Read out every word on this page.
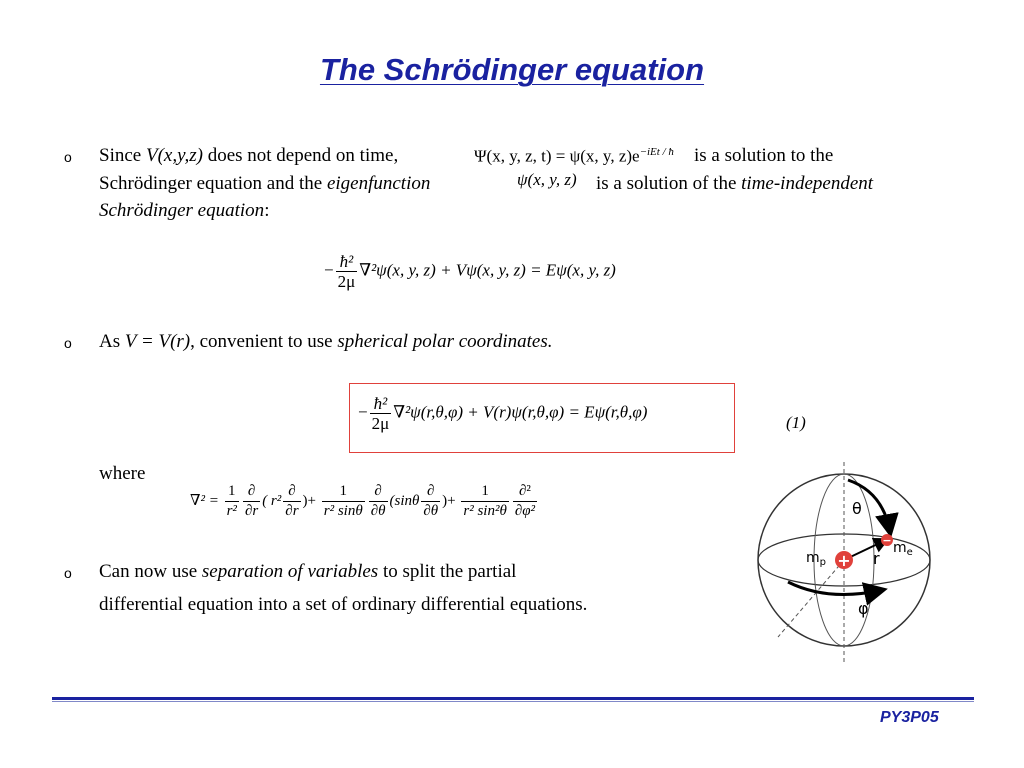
The Schrödinger equation
o Since V(x,y,z) does not depend on time,	Ψ(x, y, z, t) = ψ(x, y, $z)e^{-iEt / ħ}$ is a solution to the
Schrödinger equation and the eigenfunction	ψ(x, y, z) is a solution of the time-independent
Schrödinger equation:
− $\frac{\text{ħ²}}{2\mu} \nabla^2\psi(x$, y, z) + Vψ(x, y, z) = Eψ(x, y, z)
o As V = V(r), convenient to use spherical polar coordinates.
− $\frac{\text{ħ²}}{2\mu} \nabla^2\psi(r,\theta,\varphi) + V(r)\psi(r,\theta,\varphi) = E\psi(r,\theta,\varphi)$
(1)
where
$\nabla^2 = \frac{1}{\text{r²}} \frac{\partial}{\partial r}$ ( $r^2 \frac{\partial}{\partial r}$ )+ $\frac{1}{\text{r² sinθ}} \frac{\partial}{\partial\theta} (\sin\theta \frac{\partial}{\partial\theta}$ )+ $\frac{1}{\text{r² sin²θ}} \frac{\text{∂²}}{\text{∂φ²}}$
o Can now use separation of variables to split the partial
differential equation into a set of ordinary differential equations.
+
−
θ
φ
r
$m_p$
$m_e$
PY3P05
